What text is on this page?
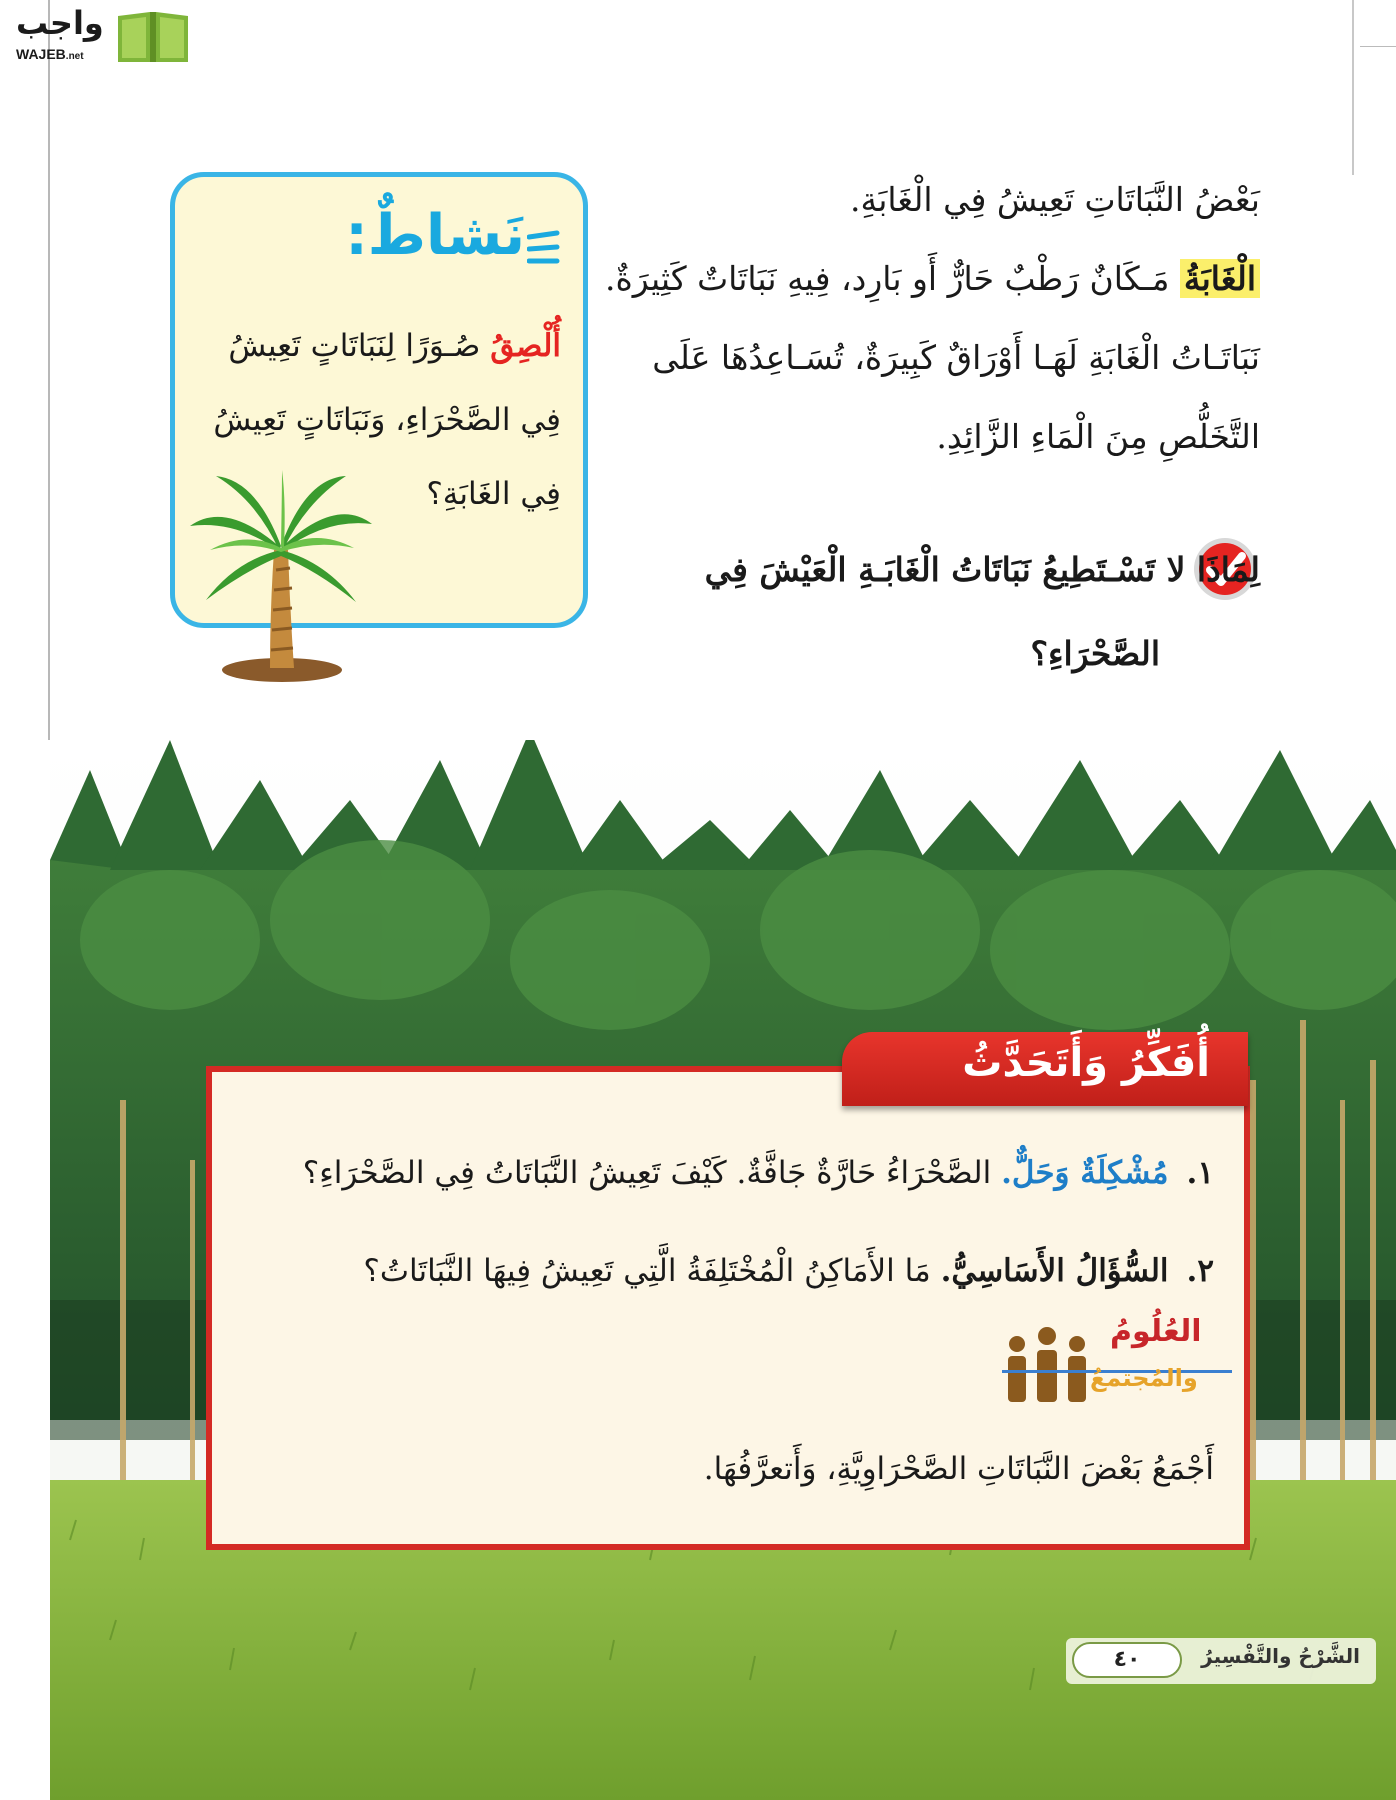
واجب
WAJEB.net
بَعْضُ النَّبَاتَاتِ تَعِيشُ فِي الْغَابَةِ.
الْغَابَةُ مَـكَانٌ رَطْبٌ حَارٌّ أَو بَارِد، فِيهِ نَبَاتَاتٌ كَثِيرَةٌ.
نَبَاتَـاتُ الْغَابَةِ لَهَـا أَوْرَاقٌ كَبِيرَةٌ، تُسَـاعِدُهَا عَلَى
التَّخَلُّصِ مِنَ الْمَاءِ الزَّائِدِ.
لِمَاذَا لا تَسْـتَطِيعُ نَبَاتَاتُ الْغَابَـةِ الْعَيْشَ فِي
الصَّحْرَاءِ؟
نَشاطٌ:
أُلْصِقُ صُـوَرًا لِنَبَاتَاتٍ تَعِيشُ
فِي الصَّحْرَاءِ، وَنَبَاتَاتٍ تَعِيشُ
فِي الغَابَةِ؟
١.مُشْكِلَةٌ وَحَلٌّ. الصَّحْرَاءُ حَارَّةٌ جَافَّةٌ. كَيْفَ تَعِيشُ النَّبَاتَاتُ فِي الصَّحْرَاءِ؟
٢.السُّؤَالُ الأَسَاسِيُّ. مَا الأَمَاكِنُ الْمُخْتَلِفَةُ الَّتِي تَعِيشُ فِيهَا النَّبَاتَاتُ؟
العُلُومُ
والمُجتمعُ
أَجْمَعُ بَعْضَ النَّبَاتَاتِ الصَّحْرَاوِيَّةِ، وَأَتعرَّفُهَا.
أُفَكِّرُ وَأَتَحَدَّثُ
الشَّرْحُ والتَّفْسِيرُ
٤٠
